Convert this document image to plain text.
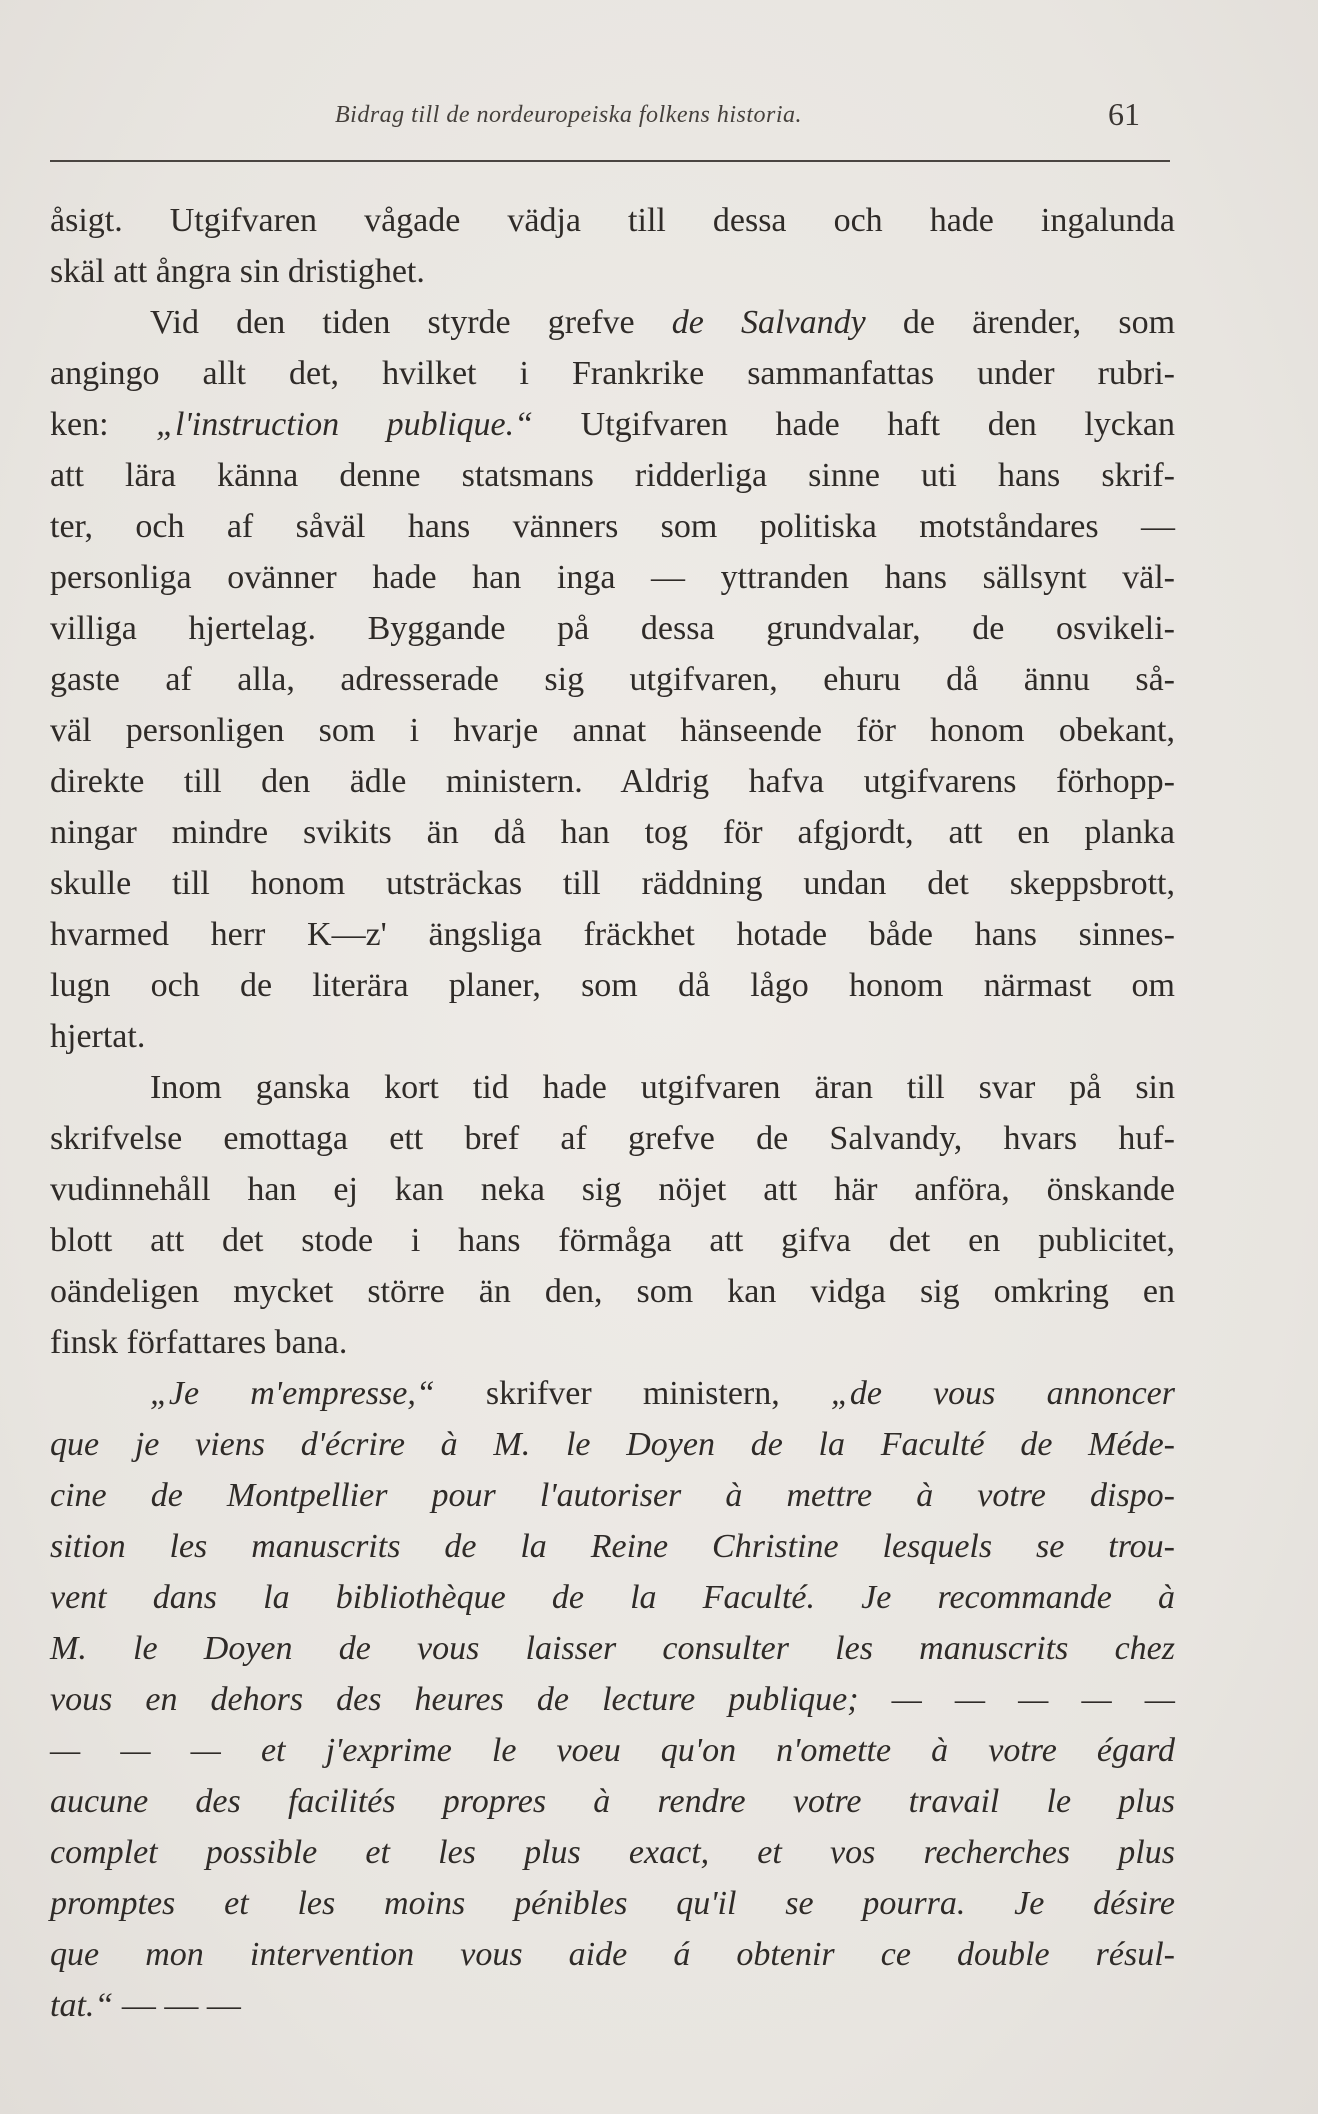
Bidrag till de nordeuropeiska folkens historia.	61
åsigt. Utgifvaren vågade vädja till dessa och hade ingalunda
skäl att ångra sin dristighet.
Vid den tiden styrde grefve de Salvandy de ärender, som
angingo allt det, hvilket i Frankrike sammanfattas under rubri-
ken: „l'instruction publique.“ Utgifvaren hade haft den lyckan
att lära känna denne statsmans ridderliga sinne uti hans skrif-
ter, och af såväl hans vänners som politiska motståndares —
personliga ovänner hade han inga — yttranden hans sällsynt väl-
villiga hjertelag. Byggande på dessa grundvalar, de osvikeli-
gaste af alla, adresserade sig utgifvaren, ehuru då ännu så-
väl personligen som i hvarje annat hänseende för honom obekant,
direkte till den ädle ministern. Aldrig hafva utgifvarens förhopp-
ningar mindre svikits än då han tog för afgjordt, att en planka
skulle till honom utsträckas till räddning undan det skeppsbrott,
hvarmed herr K—z' ängsliga fräckhet hotade både hans sinnes-
lugn och de literära planer, som då lågo honom närmast om
hjertat.
Inom ganska kort tid hade utgifvaren äran till svar på sin
skrifvelse emottaga ett bref af grefve de Salvandy, hvars huf-
vudinnehåll han ej kan neka sig nöjet att här anföra, önskande
blott att det stode i hans förmåga att gifva det en publicitet,
oändeligen mycket större än den, som kan vidga sig omkring en
finsk författares bana.
„Je m'empresse,“ skrifver ministern, „de vous annoncer
que je viens d'écrire à M. le Doyen de la Faculté de Méde-
cine de Montpellier pour l'autoriser à mettre à votre dispo-
sition les manuscrits de la Reine Christine lesquels se trou-
vent dans la bibliothèque de la Faculté. Je recommande à
M. le Doyen de vous laisser consulter les manuscrits chez
vous en dehors des heures de lecture publique; — — — — —
— — — et j'exprime le voeu qu'on n'omette à votre égard
aucune des facilités propres à rendre votre travail le plus
complet possible et les plus exact, et vos recherches plus
promptes et les moins pénibles qu'il se pourra. Je désire
que mon intervention vous aide á obtenir ce double résul-
tat.“ — — —
